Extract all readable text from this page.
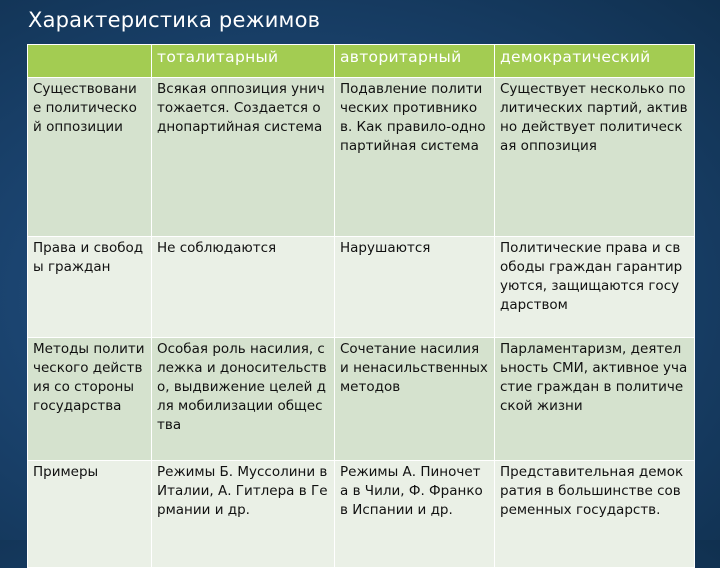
Характеристика режимов
	тоталитарный	авторитарный	демократический
Существование политической оппозиции	Всякая оппозиция уничтожается. Создается однопартийная система	Подавление политических противников. Как правило-однопартийная система	Существует несколько политических партий, активно действует политическая оппозиция
Права и свободы граждан	Не соблюдаются	Нарушаются	Политические права и свободы граждан гарантируются, защищаются государством
Методы политического действия со стороны государства	Особая роль насилия, слежка и доносительство, выдвижение целей для мобилизации общества	Сочетание насилия и ненасильственных методов	Парламентаризм, деятельность СМИ, активное участие граждан в политической жизни
Примеры	Режимы Б. Муссолини в Италии, А. Гитлера в Германии и др.	Режимы А. Пиночета в Чили, Ф. Франко в Испании и др.	Представительная демократия в большинстве современных государств.
